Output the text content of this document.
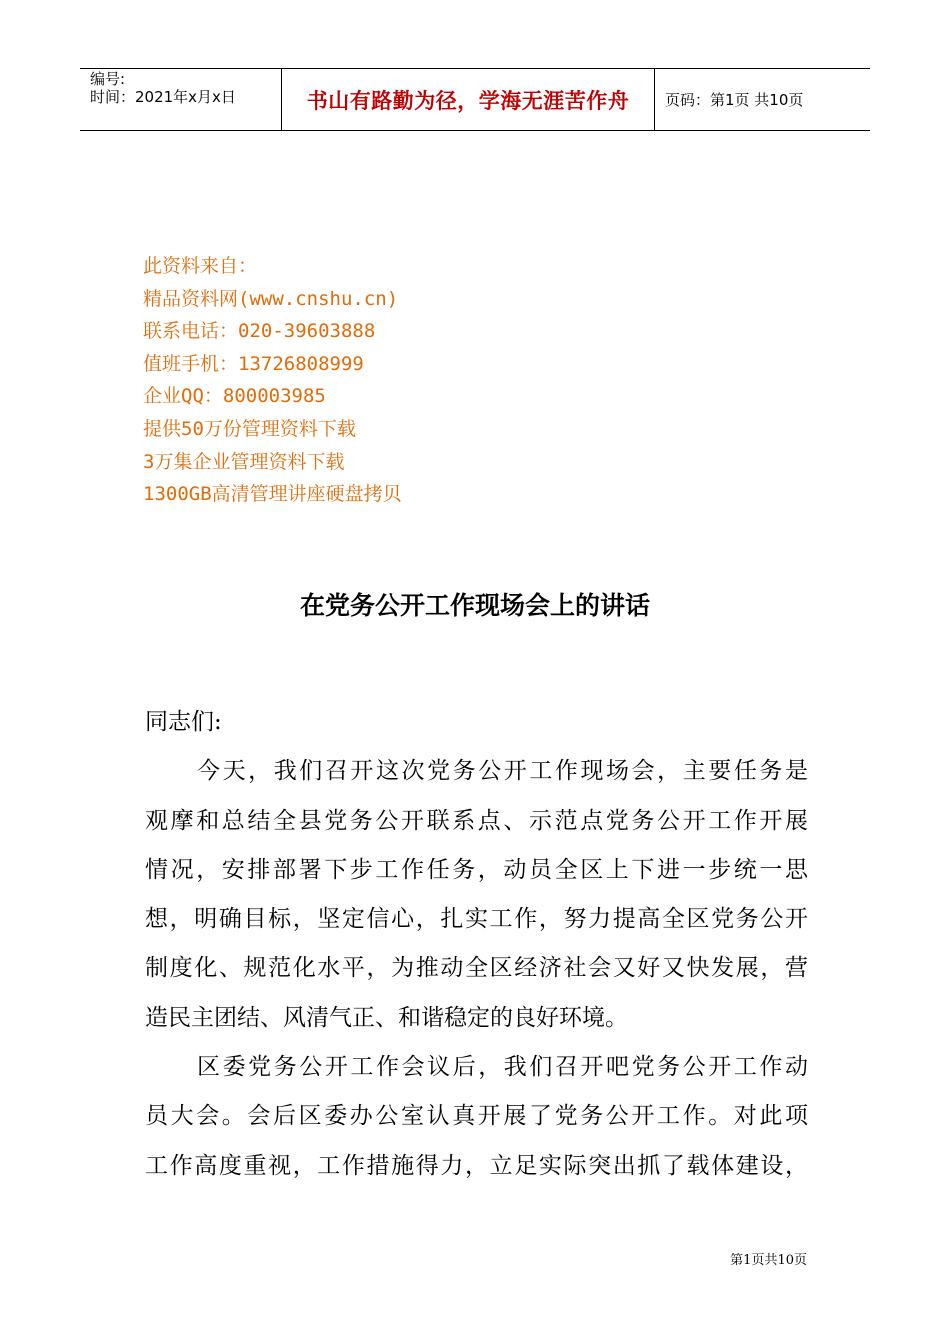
编号:
时间：2021年x月x日	书山有路勤为径，学海无涯苦作舟 页码：第1页 共10页
此资料来自：
精品资料网(www.cnshu.cn)
联系电话：020-39603888
值班手机：13726808999
企业QQ：800003985
提供50万份管理资料下载
3万集企业管理资料下载
1300GB高清管理讲座硬盘拷贝
在党务公开工作现场会上的讲话
同志们:
今天，我们召开这次党务公开工作现场会，主要任务是
观摩和总结全县党务公开联系点、示范点党务公开工作开展
情况，安排部署下步工作任务，动员全区上下进一步统一思
想，明确目标，坚定信心，扎实工作，努力提高全区党务公开
制度化、规范化水平，为推动全区经济社会又好又快发展，营
造民主团结、风清气正、和谐稳定的良好环境。
区委党务公开工作会议后，我们召开吧党务公开工作动
员大会。会后区委办公室认真开展了党务公开工作。对此项
工作高度重视，工作措施得力，立足实际突出抓了载体建设，
第1页共10页
